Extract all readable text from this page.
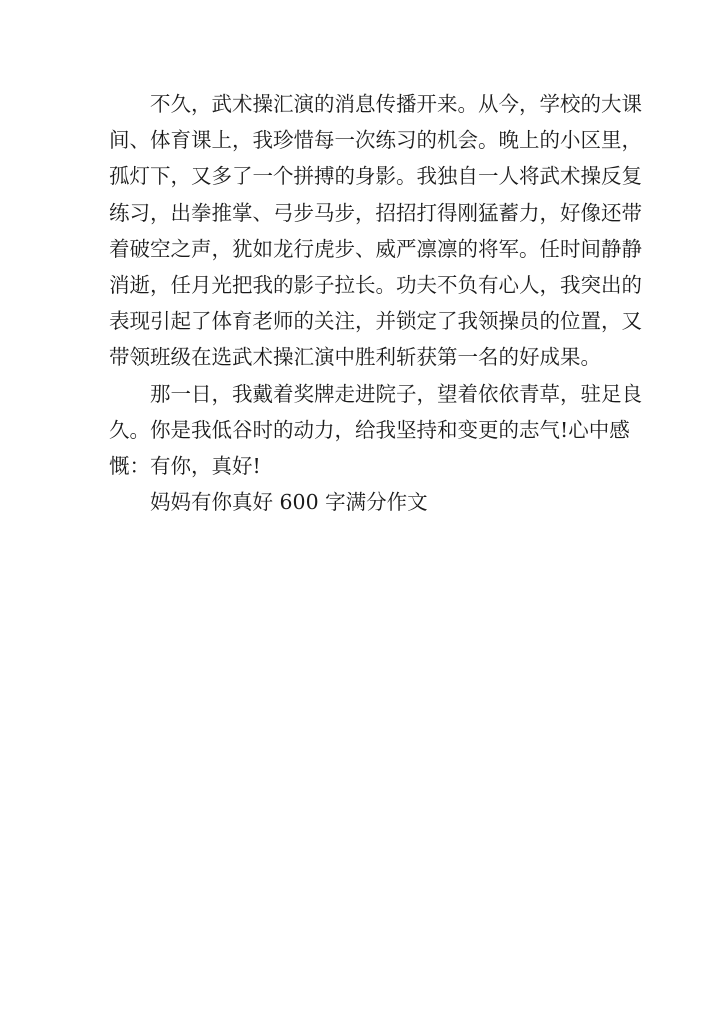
不久，武术操汇演的消息传播开来。从今，学校的大课
间、体育课上，我珍惜每一次练习的机会。晚上的小区里，
孤灯下，又多了一个拼搏的身影。我独自一人将武术操反复
练习，出拳推掌、弓步马步，招招打得刚猛蓄力，好像还带
着破空之声，犹如龙行虎步、威严凛凛的将军。任时间静静
消逝，任月光把我的影子拉长。功夫不负有心人，我突出的
表现引起了体育老师的关注，并锁定了我领操员的位置，又
带领班级在选武术操汇演中胜利斩获第一名的好成果。
那一日，我戴着奖牌走进院子，望着依依青草，驻足良
久。你是我低谷时的动力，给我坚持和变更的志气!心中感
慨：有你，真好!
妈妈有你真好 600 字满分作文
